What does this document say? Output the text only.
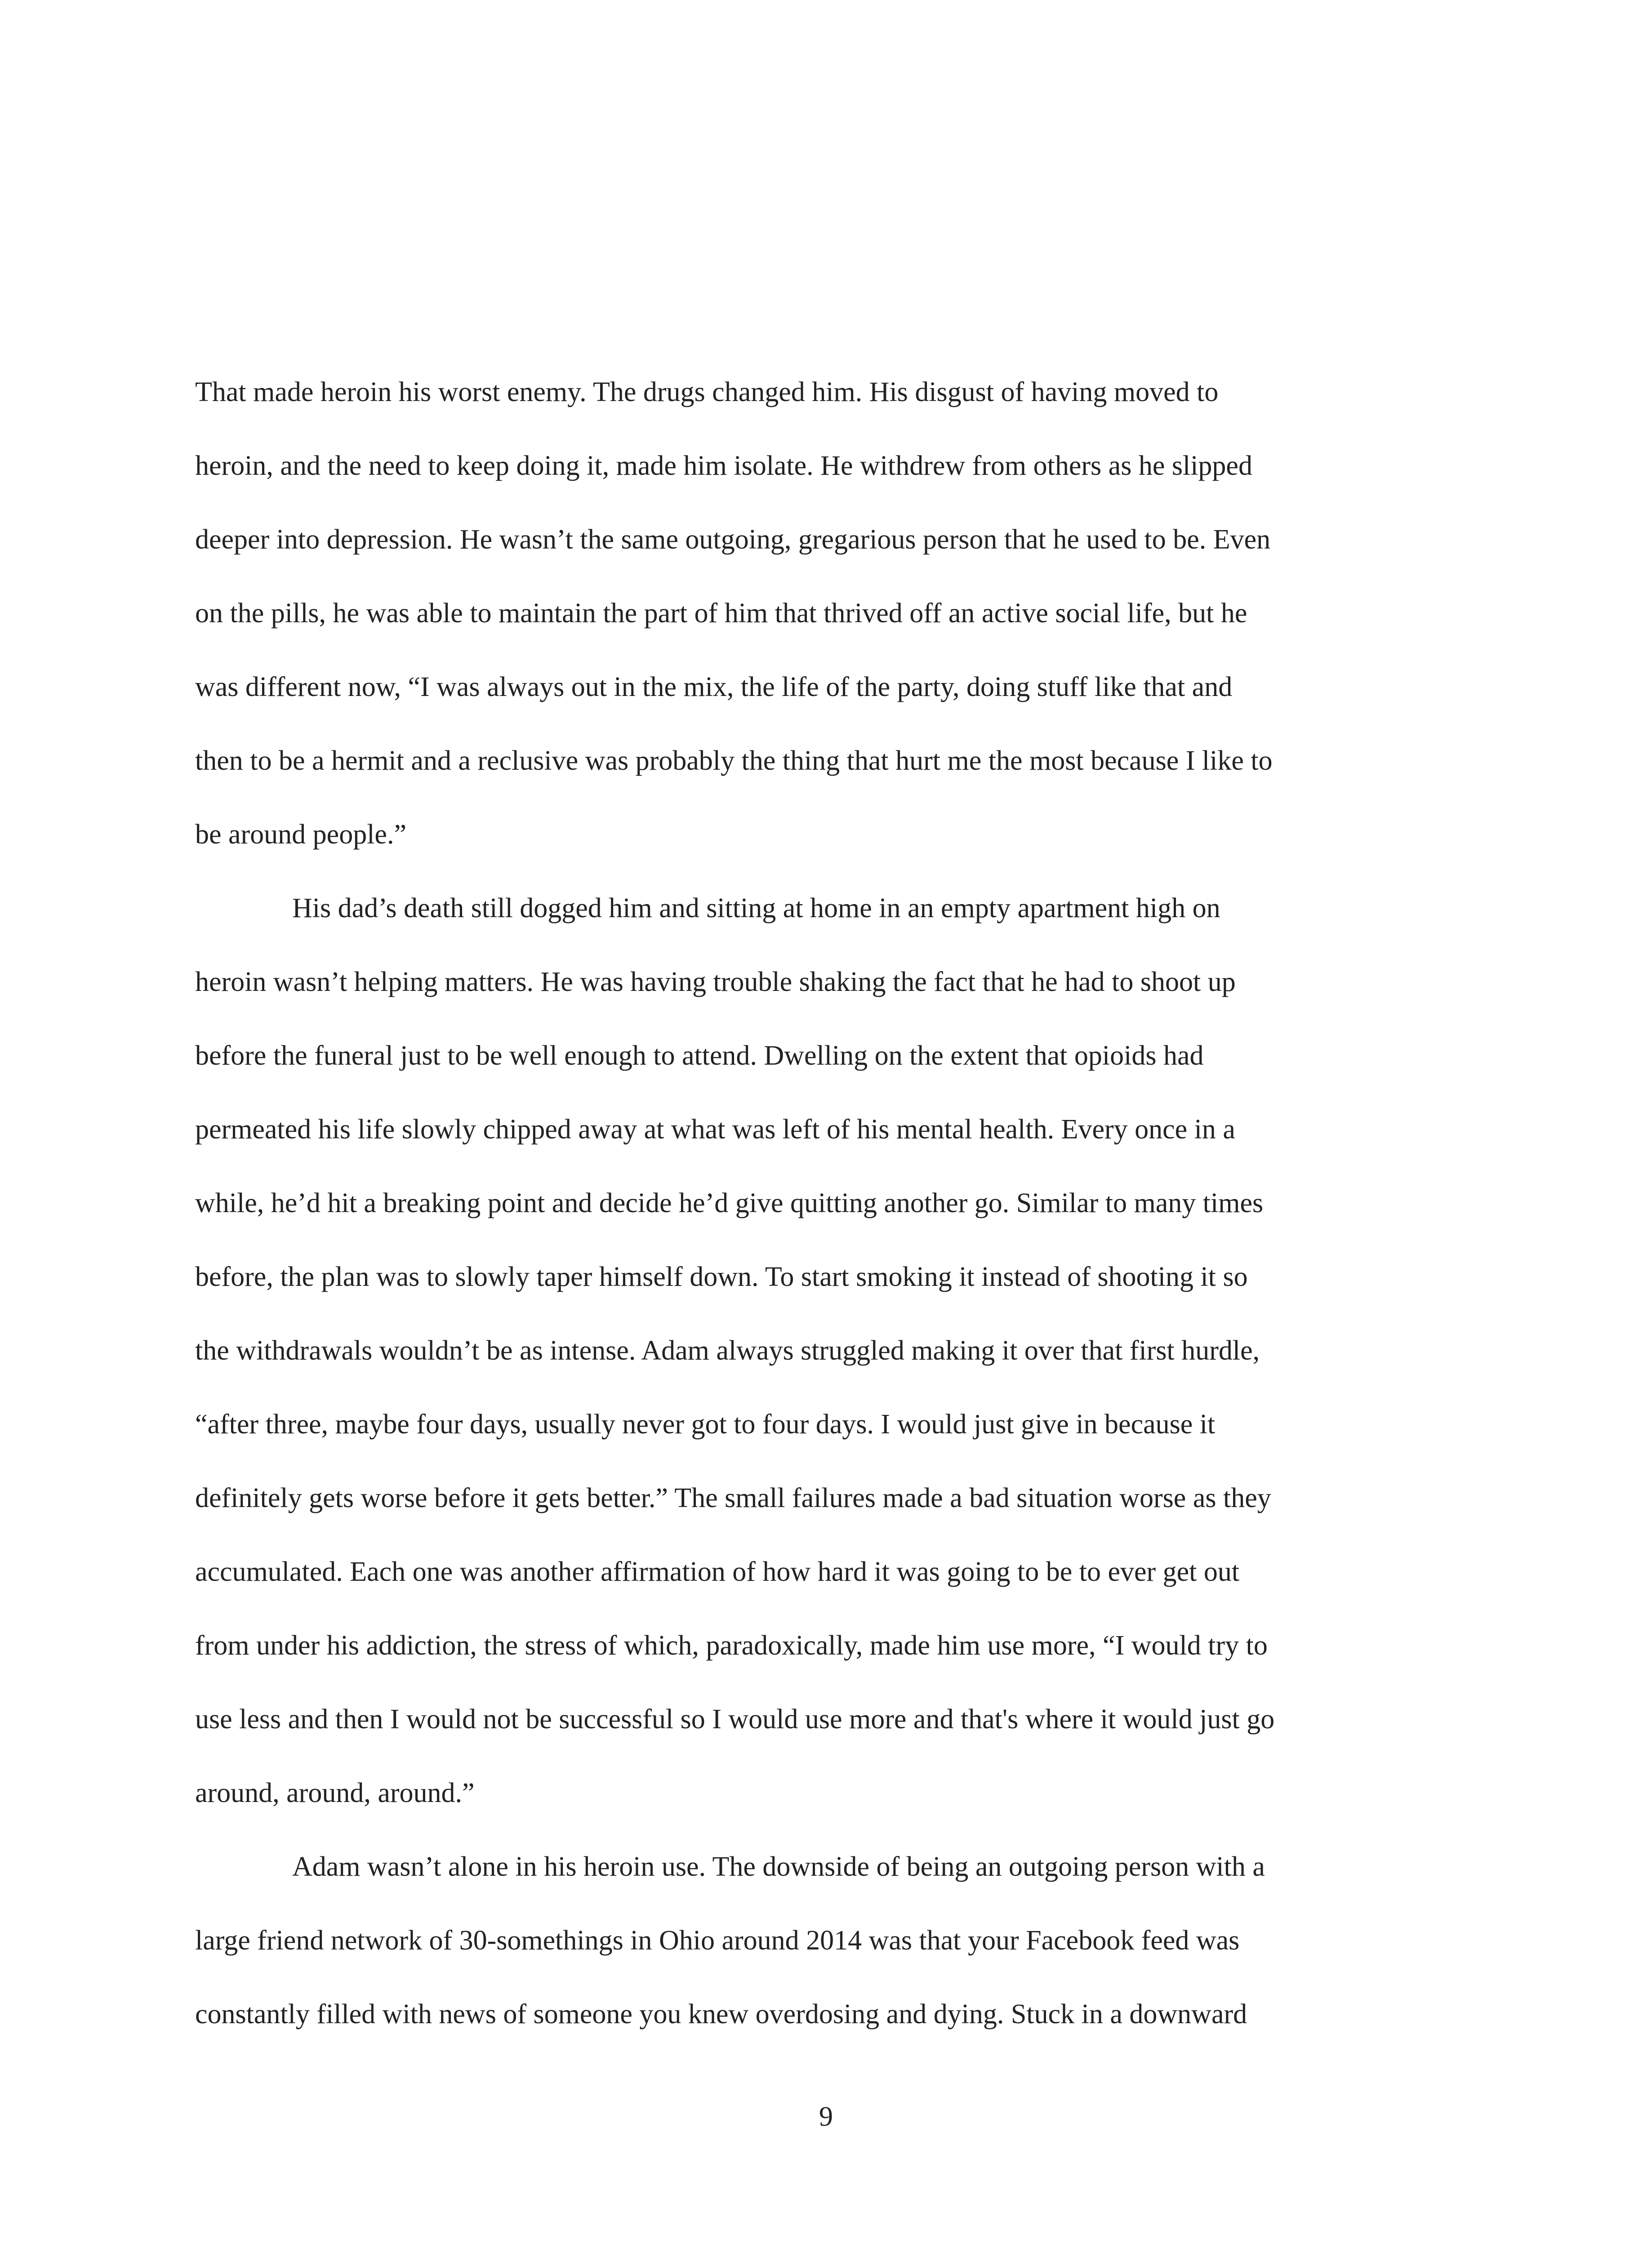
That made heroin his worst enemy. The drugs changed him. His disgust of having moved to
heroin, and the need to keep doing it, made him isolate. He withdrew from others as he slipped
deeper into depression. He wasn’t the same outgoing, gregarious person that he used to be. Even
on the pills, he was able to maintain the part of him that thrived off an active social life, but he
was different now, “I was always out in the mix, the life of the party, doing stuff like that and
then to be a hermit and a reclusive was probably the thing that hurt me the most because I like to
be around people.”

His dad’s death still dogged him and sitting at home in an empty apartment high on
heroin wasn’t helping matters. He was having trouble shaking the fact that he had to shoot up
before the funeral just to be well enough to attend. Dwelling on the extent that opioids had
permeated his life slowly chipped away at what was left of his mental health. Every once in a
while, he’d hit a breaking point and decide he’d give quitting another go. Similar to many times
before, the plan was to slowly taper himself down. To start smoking it instead of shooting it so
the withdrawals wouldn’t be as intense. Adam always struggled making it over that first hurdle,
“after three, maybe four days, usually never got to four days. I would just give in because it
definitely gets worse before it gets better.” The small failures made a bad situation worse as they
accumulated. Each one was another affirmation of how hard it was going to be to ever get out
from under his addiction, the stress of which, paradoxically, made him use more, “I would try to
use less and then I would not be successful so I would use more and that's where it would just go
around, around, around.”

Adam wasn’t alone in his heroin use. The downside of being an outgoing person with a
large friend network of 30-somethings in Ohio around 2014 was that your Facebook feed was
constantly filled with news of someone you knew overdosing and dying. Stuck in a downward

9
